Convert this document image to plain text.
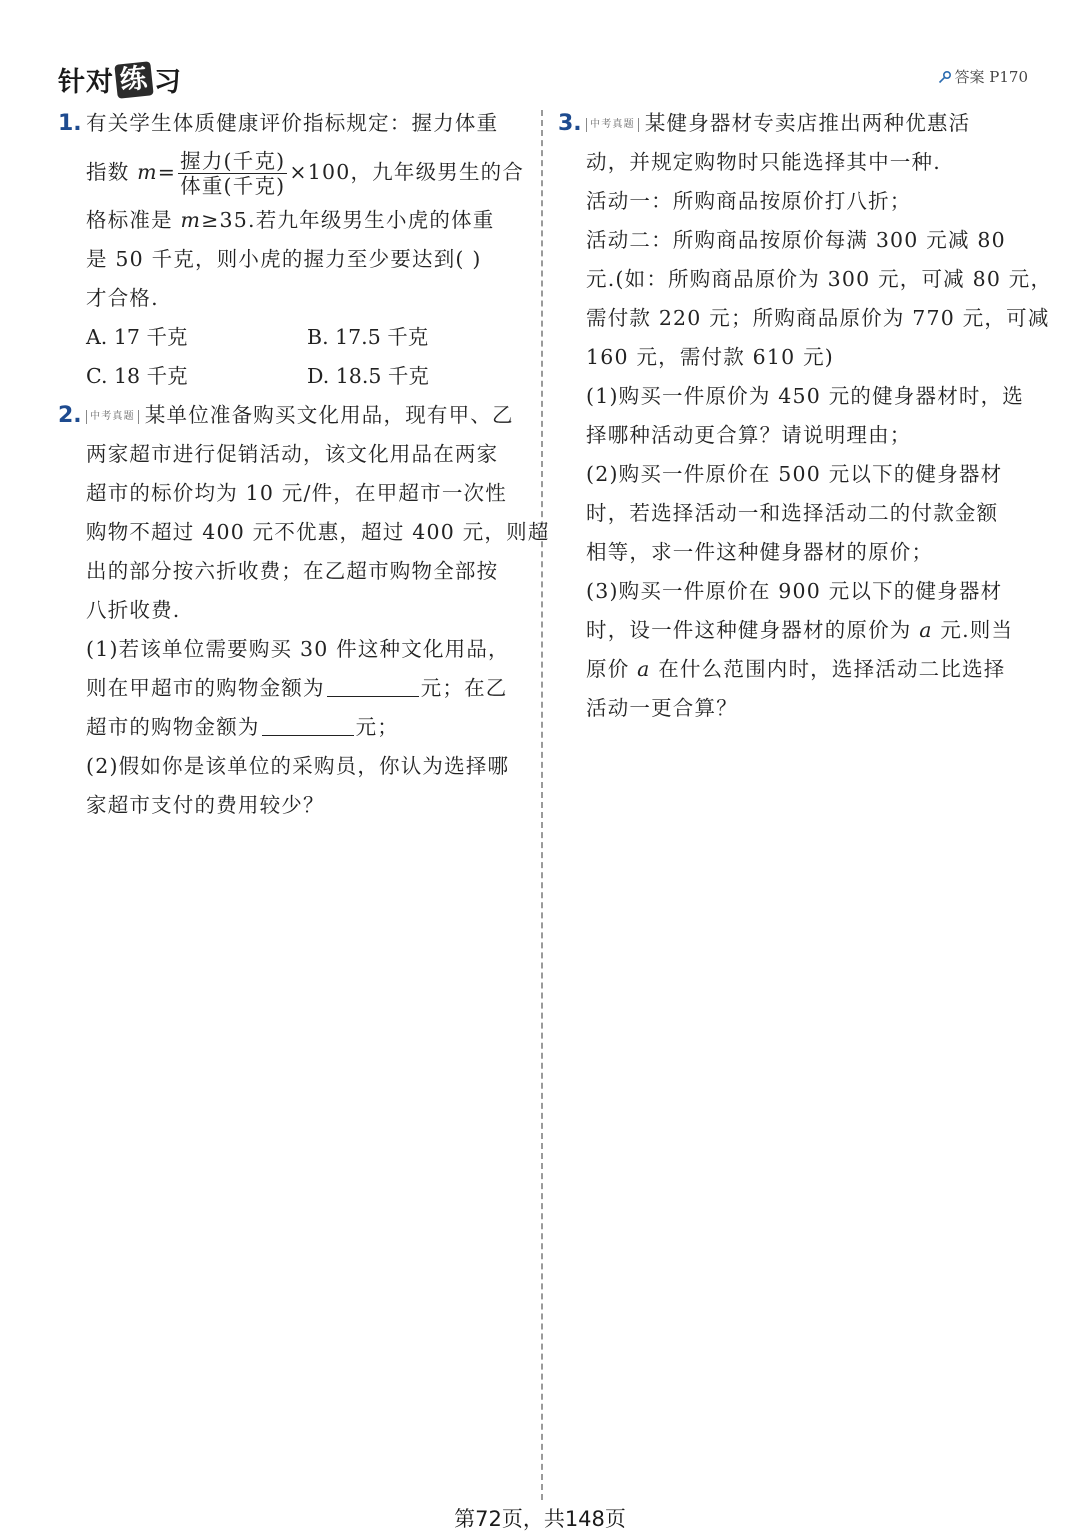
针对 练 习	答案 P170
1. 有关学生体质健康评价指标规定：握力体重
指数 $m= \frac{\text{握力(千克)}}{\text{体重(千克)}} \times 100$，九年级男生的合
格标准是 m≥35.若九年级男生小虎的体重
是 50 千克，则小虎的握力至少要达到( )
才合格.
A. 17 千克	B. 17.5 千克
C. 18 千克	D. 18.5 千克
2. 中考真题 某单位准备购买文化用品，现有甲、乙
两家超市进行促销活动，该文化用品在两家
超市的标价均为 10 元/件，在甲超市一次性
购物不超过 400 元不优惠，超过 400 元，则超
出的部分按六折收费；在乙超市购物全部按
八折收费.
(1)若该单位需要购买 30 件这种文化用品，
则在甲超市的购物金额为	元；在乙
超市的购物金额为	元；
(2)假如你是该单位的采购员，你认为选择哪
家超市支付的费用较少？
3. 中考真题 某健身器材专卖店推出两种优惠活
动，并规定购物时只能选择其中一种.
活动一：所购商品按原价打八折；
活动二：所购商品按原价每满 300 元减 80
元.(如：所购商品原价为 300 元，可减 80 元，
需付款 220 元；所购商品原价为 770 元，可减
160 元，需付款 610 元)
(1)购买一件原价为 450 元的健身器材时，选
择哪种活动更合算？请说明理由；
(2)购买一件原价在 500 元以下的健身器材
时，若选择活动一和选择活动二的付款金额
相等，求一件这种健身器材的原价；
(3)购买一件原价在 900 元以下的健身器材
时，设一件这种健身器材的原价为 a 元.则当
原价 a 在什么范围内时，选择活动二比选择
活动一更合算？
第72页，共148页
